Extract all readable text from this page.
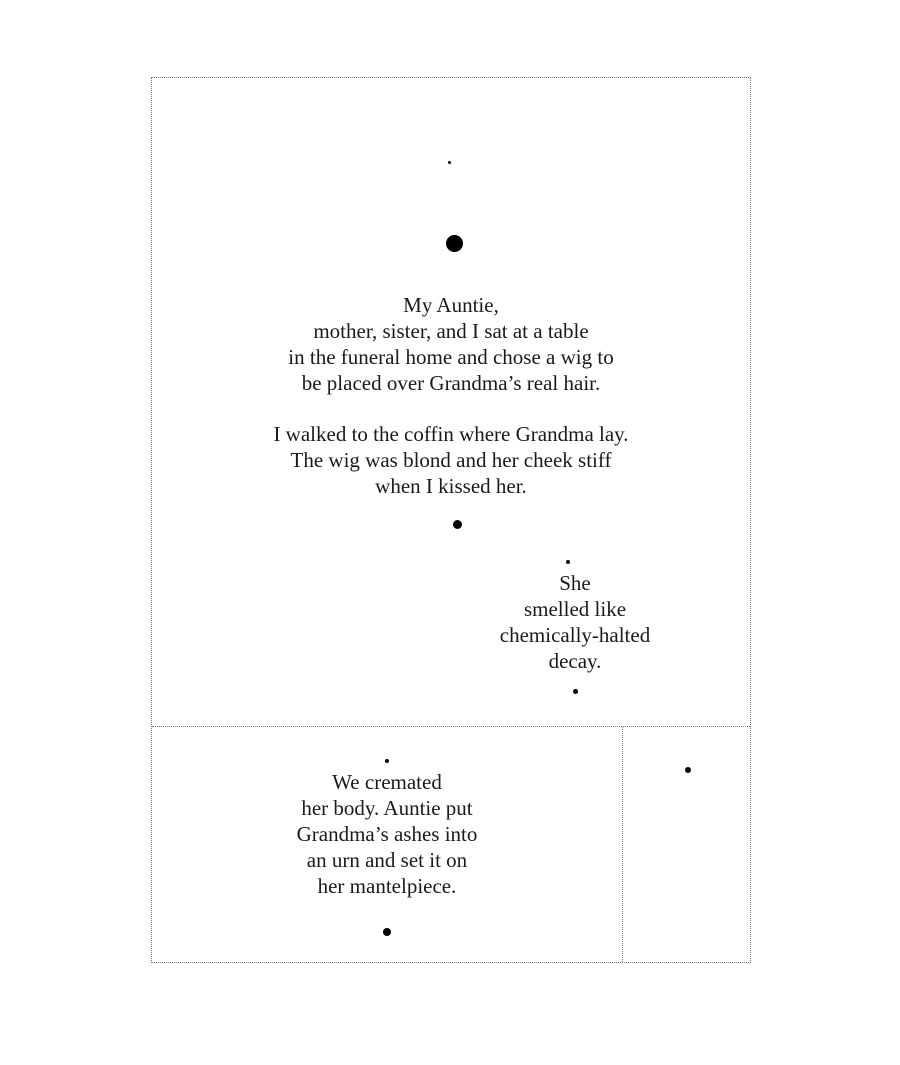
My Auntie,
mother, sister, and I sat at a table
in the funeral home and chose a wig to
be placed over Grandma’s real hair.
I walked to the coffin where Grandma lay.
The wig was blond and her cheek stiff
when I kissed her.
She
smelled like
chemically-halted
decay.
We cremated
her body. Auntie put
Grandma’s ashes into
an urn and set it on
her mantelpiece.
